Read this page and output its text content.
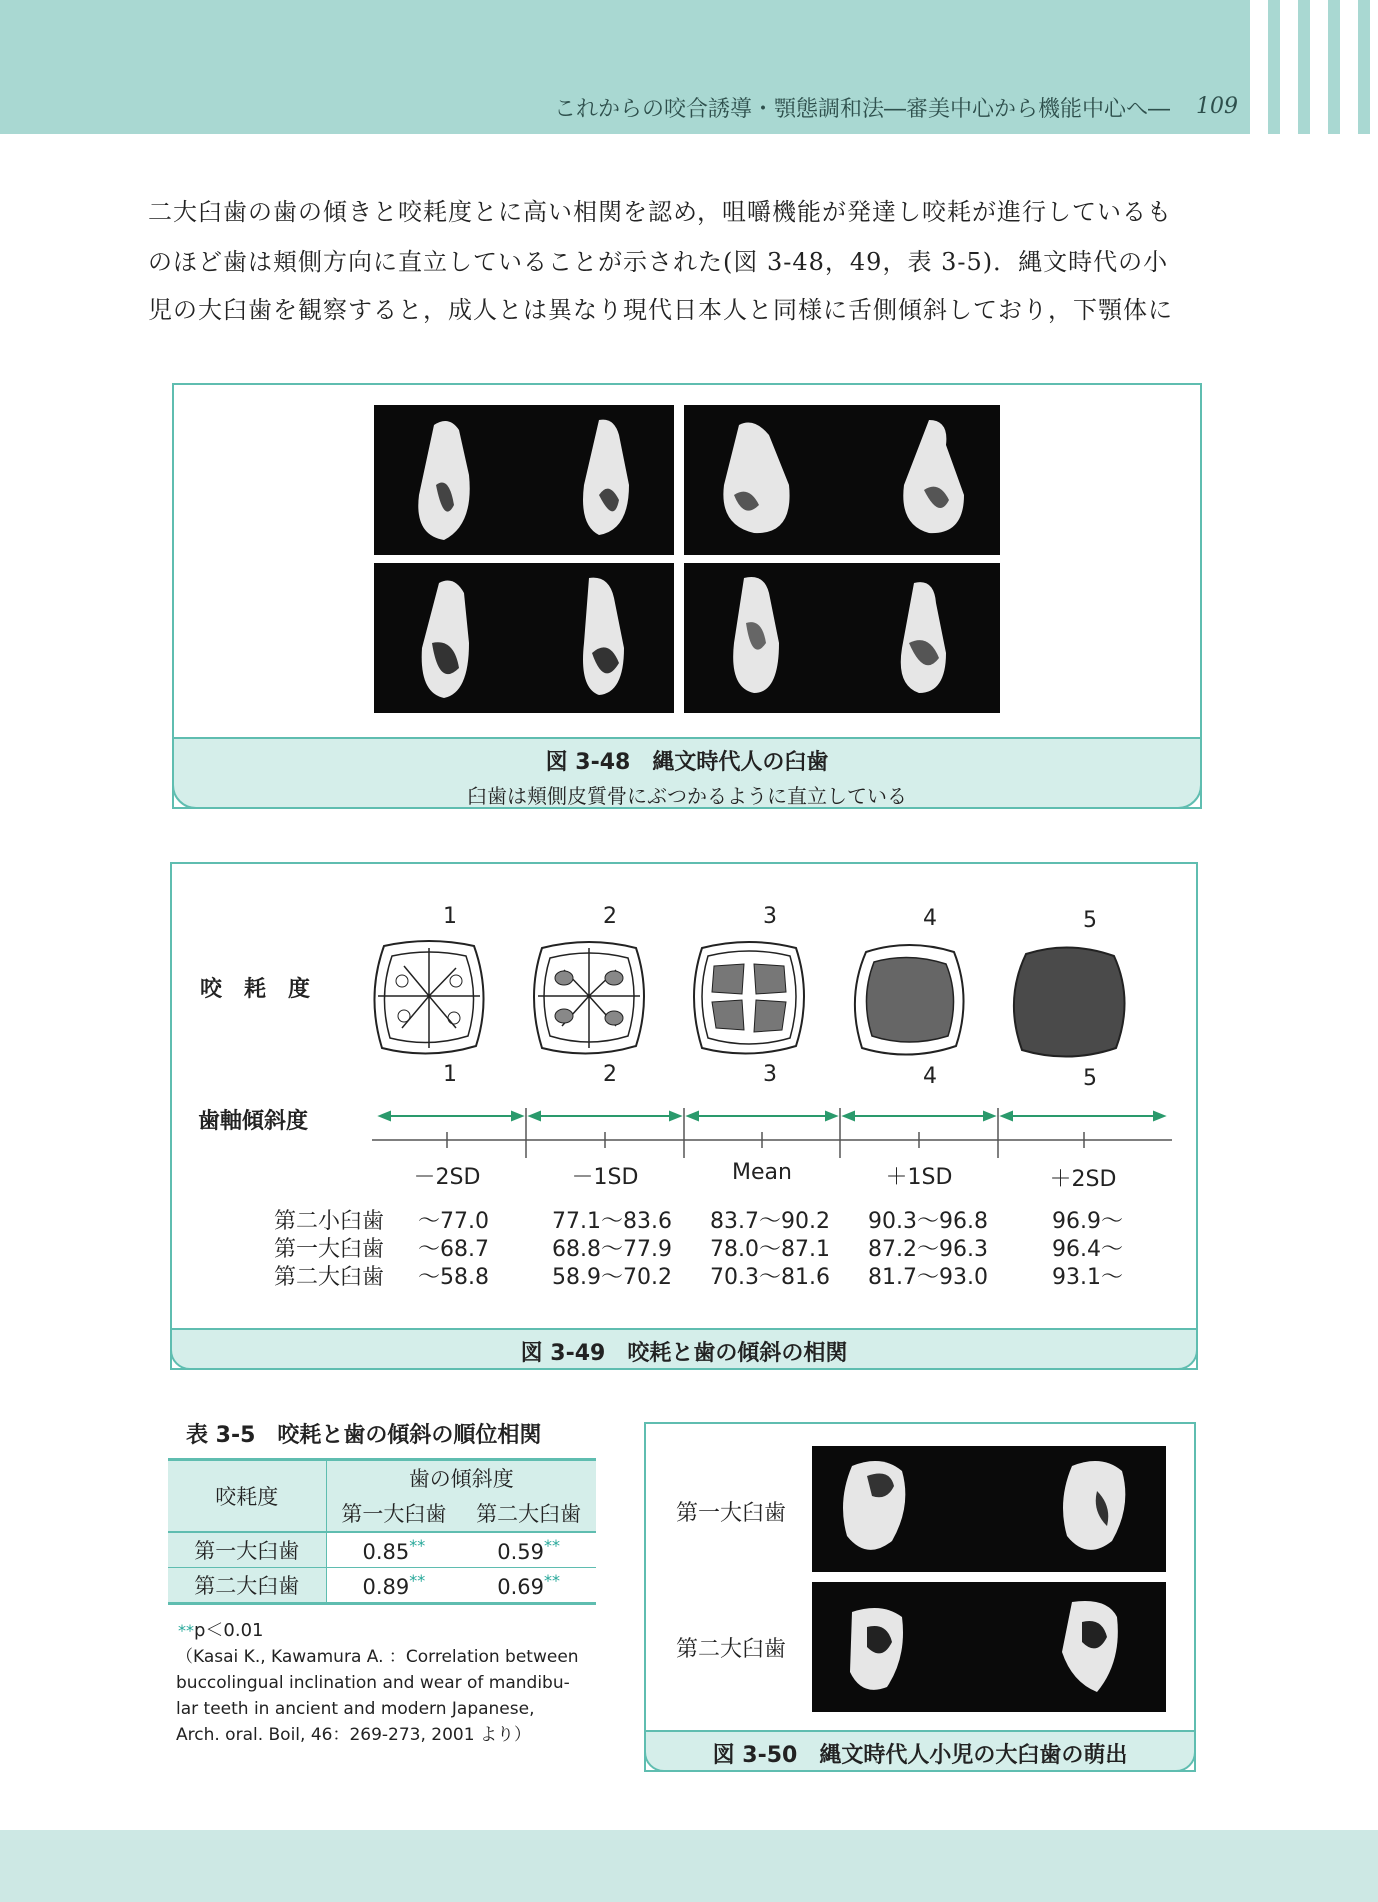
これからの咬合誘導・顎態調和法―審美中心から機能中心へ― 109
二大臼歯の歯の傾きと咬耗度とに高い相関を認め，咀嚼機能が発達し咬耗が進行しているも
のほど歯は頬側方向に直立していることが示された(図 3-48，49，表 3-5)．縄文時代の小
児の大臼歯を観察すると，成人とは異なり現代日本人と同様に舌側傾斜しており，下顎体に
図 3-48　縄文時代人の臼歯
臼歯は頬側皮質骨にぶつかるように直立している
1	2	3	4	5
咬　耗　度
1	2	3	4	5
歯軸傾斜度
－2SD	－1SD	Mean	＋1SD	＋2SD
第二小臼歯 ～77.0	77.1～83.6 83.7～90.2 90.3～96.8	96.9～
第一大臼歯 ～68.7	68.8～77.9 78.0～87.1 87.2～96.3	96.4～
第二大臼歯 ～58.8	58.9～70.2 70.3～81.6 81.7～93.0	93.1～
図 3-49　咬耗と歯の傾斜の相関
表 3-5　咬耗と歯の傾斜の順位相関
咬耗度	歯の傾斜度	
	第一大臼歯	第二大臼歯
第一大臼歯	0.85**	0.59**
第二大臼歯	0.89**	0.69**
**p＜0.01
（Kasai K., Kawamura A. ：Correlation between
buccolingual inclination and wear of mandibu-
lar teeth in ancient and modern Japanese,
Arch. oral. Boil, 46：269-273, 2001 より）
第一大臼歯
第二大臼歯
図 3-50　縄文時代人小児の大臼歯の萌出
